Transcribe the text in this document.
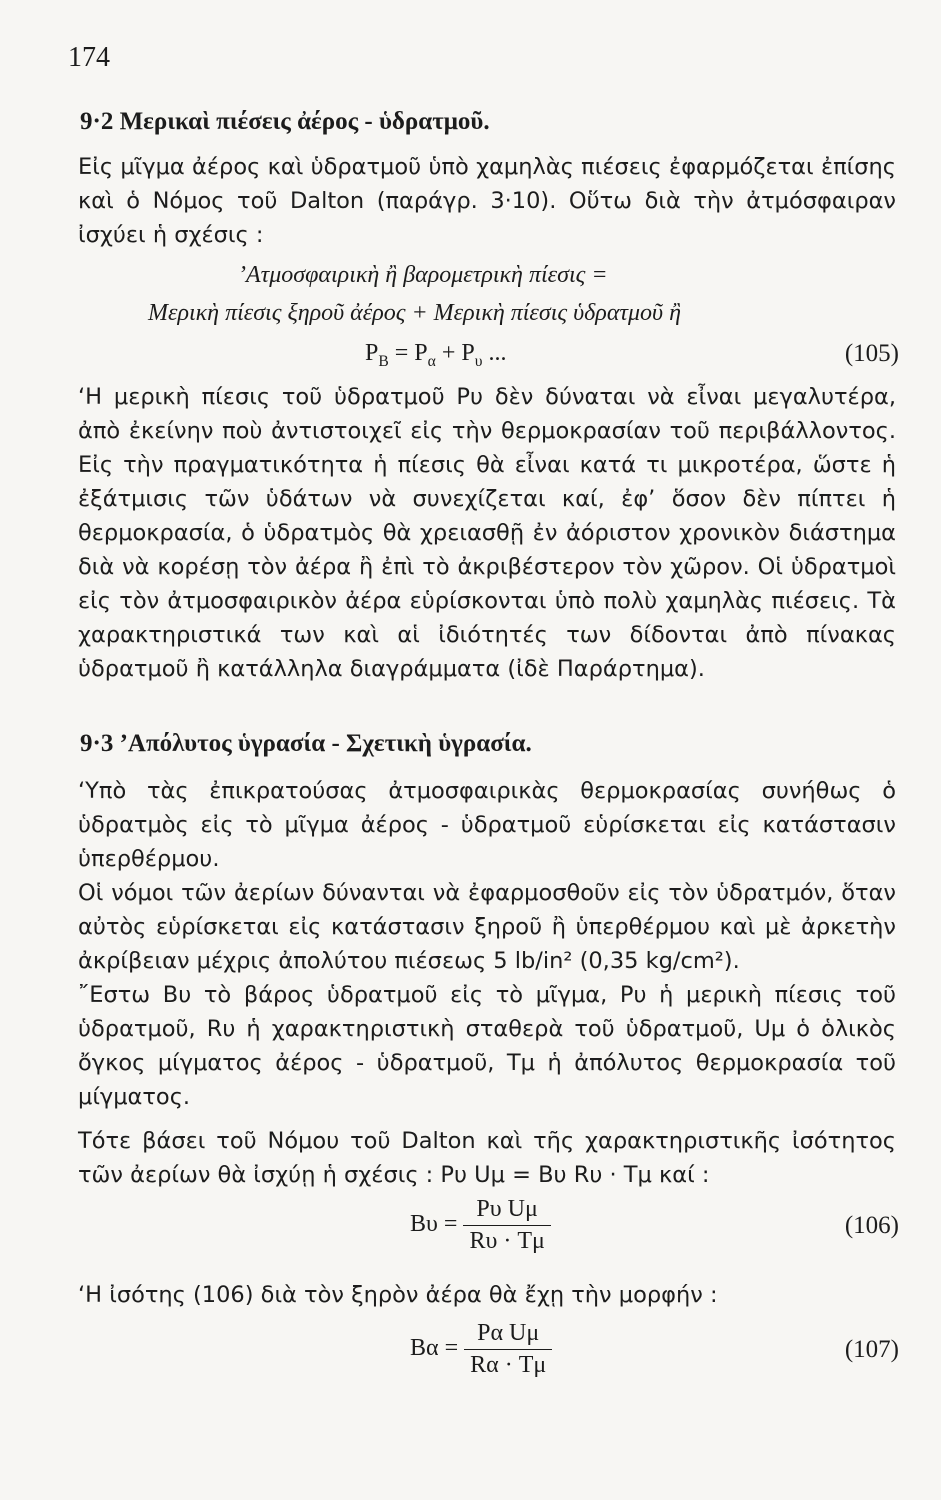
174
9·2 Μερικαὶ πιέσεις ἀέρος - ὑδρατμοῦ.

Εἰς μῖγμα ἀέρος καὶ ὑδρατμοῦ ὑπὸ χαμηλὰς πιέσεις ἐφαρμόζεται ἐπίσης καὶ ὁ Νόμος τοῦ Dalton (παράγρ. 3·10). Οὕτω διὰ τὴν ἀτμόσφαιραν ἰσχύει ἡ σχέσις :

’Ατμοσφαιρικὴ ἢ βαρομετρικὴ πίεσις =
Μερικὴ πίεσις ξηροῦ ἀέρος + Μερικὴ πίεσις ὑδρατμοῦ ἢ
$P_B = P_\alpha + P_\upsilon$ ...	(105)

‘Η μερικὴ πίεσις τοῦ ὑδρατμοῦ Pυ δὲν δύναται νὰ εἶναι μεγαλυτέρα, ἀπὸ ἐκείνην ποὺ ἀντιστοιχεῖ εἰς τὴν θερμοκρασίαν τοῦ περιβάλλοντος. Εἰς τὴν πραγματικότητα ἡ πίεσις θὰ εἶναι κατά τι μικροτέρα, ὥστε ἡ ἐξάτμισις τῶν ὑδάτων νὰ συνεχίζεται καί, ἐφ’ ὅσον δὲν πίπτει ἡ θερμοκρασία, ὁ ὑδρατμὸς θὰ χρειασθῇ ἐν ἀόριστον χρονικὸν διάστημα διὰ νὰ κορέσῃ τὸν ἀέρα ἢ ἐπὶ τὸ ἀκριβέστερον τὸν χῶρον. Οἱ ὑδρατμοὶ εἰς τὸν ἀτμοσφαιρικὸν ἀέρα εὑρίσκονται ὑπὸ πολὺ χαμηλὰς πιέσεις. Τὰ χαρακτηριστικά των καὶ αἱ ἰδιότητές των δίδονται ἀπὸ πίνακας ὑδρατμοῦ ἢ κατάλληλα διαγράμματα (ἰδὲ Παράρτημα).

9·3 ’Απόλυτος ὑγρασία - Σχετικὴ ὑγρασία.

‘Υπὸ τὰς ἐπικρατούσας ἀτμοσφαιρικὰς θερμοκρασίας συνήθως ὁ ὑδρατμὸς εἰς τὸ μῖγμα ἀέρος - ὑδρατμοῦ εὑρίσκεται εἰς κατάστασιν ὑπερθέρμου.

Οἱ νόμοι τῶν ἀερίων δύνανται νὰ ἐφαρμοσθοῦν εἰς τὸν ὑδρατμόν, ὅταν αὐτὸς εὑρίσκεται εἰς κατάστασιν ξηροῦ ἢ ὑπερθέρμου καὶ μὲ ἀρκετὴν ἀκρίβειαν μέχρις ἀπολύτου πιέσεως 5 lb/in² (0,35 kg/cm²).

῎Εστω Bυ τὸ βάρος ὑδρατμοῦ εἰς τὸ μῖγμα, Pυ ἡ μερικὴ πίεσις τοῦ ὑδρατμοῦ, Rυ ἡ χαρακτηριστικὴ σταθερὰ τοῦ ὑδρατμοῦ, Uμ ὁ ὁλικὸς ὄγκος μίγματος ἀέρος - ὑδρατμοῦ, Tμ ἡ ἀπόλυτος θερμοκρασία τοῦ μίγματος.

Τότε βάσει τοῦ Νόμου τοῦ Dalton καὶ τῆς χαρακτηριστικῆς ἰσότητος τῶν ἀερίων θὰ ἰσχύῃ ἡ σχέσις : Pυ Uμ = Bυ Rυ · Tμ καί :

$B\upsilon = \frac{\text{Pυ Uμ}}{R\upsilon \cdot T\mu}$	(106)

‘Η ἰσότης (106) διὰ τὸν ξηρὸν ἀέρα θὰ ἔχῃ τὴν μορφήν :

$B\alpha = \frac{\text{Pα Uμ}}{R\alpha \cdot T\mu}$	(107)
